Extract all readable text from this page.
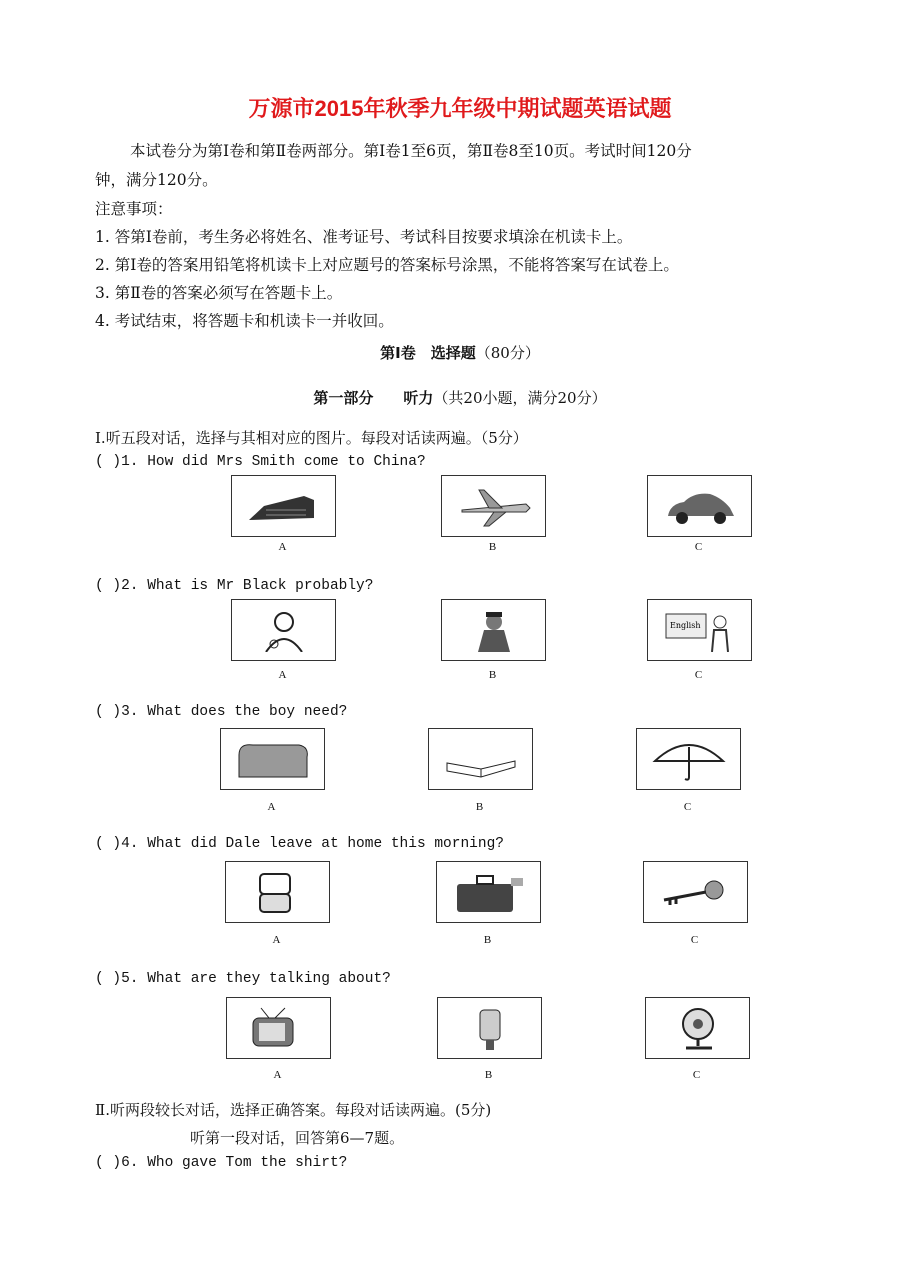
万源市2015年秋季九年级中期试题英语试题
本试卷分为第Ⅰ卷和第Ⅱ卷两部分。第Ⅰ卷1至6页，第Ⅱ卷8至10页。考试时间120分
钟，满分120分。
注意事项：
1. 答第Ⅰ卷前，考生务必将姓名、准考证号、考试科目按要求填涂在机读卡上。
2. 第Ⅰ卷的答案用铅笔将机读卡上对应题号的答案标号涂黑，不能将答案写在试卷上。
3. 第Ⅱ卷的答案必须写在答题卡上。
4. 考试结束，将答题卡和机读卡一并收回。
第Ⅰ卷　选择题（80分）
第一部分　　听力（共20小题，满分20分）
Ⅰ.听五段对话，选择与其相对应的图片。每段对话读两遍。（5分）
( )1. How did Mrs Smith come to China?
A	B	C
( )2. What is Mr Black probably?
A	B
English
C
( )3. What does the boy need?
A	B	C
( )4. What did Dale leave at home this morning?
A	B	C
( )5. What are they talking about?
A	B	C
Ⅱ.听两段较长对话，选择正确答案。每段对话读两遍。(5分)
听第一段对话，回答第6—7题。
( )6. Who gave Tom the shirt?
